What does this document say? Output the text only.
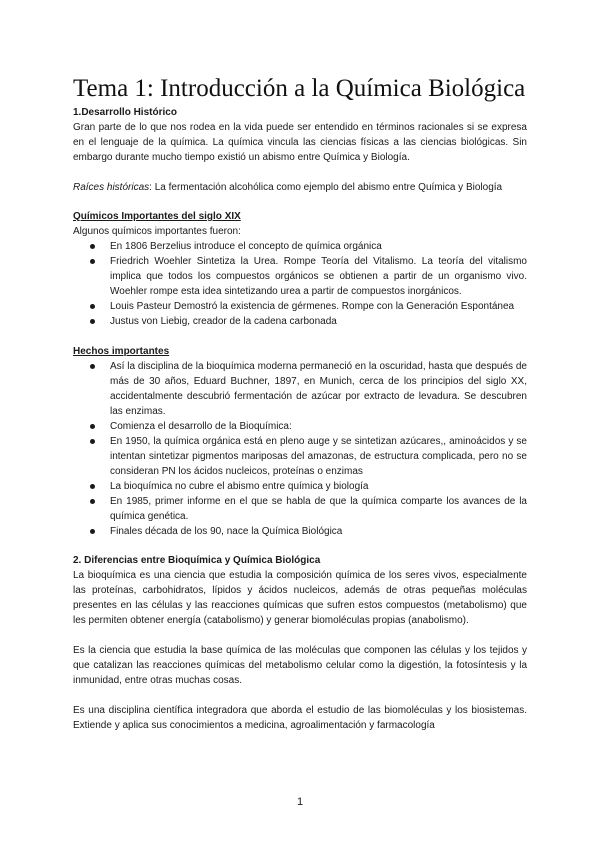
Tema 1: Introducción a la Química Biológica

1.Desarrollo Histórico

Gran parte de lo que nos rodea en la vida puede ser entendido en términos racionales si se expresa en el lenguaje de la química. La química vincula las ciencias físicas a las ciencias biológicas. Sin embargo durante mucho tiempo existió un abismo entre Química y Biología.

Raíces históricas: La fermentación alcohólica como ejemplo del abismo entre Química y Biología

Químicos Importantes del siglo XIX

Algunos químicos importantes fueron:

En 1806 Berzelius introduce el concepto de química orgánica
Friedrich Woehler Sintetiza la Urea. Rompe Teoría del Vitalismo. La teoría del vitalismo implica que todos los compuestos orgánicos se obtienen a partir de un organismo vivo. Woehler rompe esta idea sintetizando urea a partir de compuestos inorgánicos.
Louis Pasteur Demostró la existencia de gérmenes. Rompe con la Generación Espontánea
Justus von Liebig, creador de la cadena carbonada

Hechos importantes

Así la disciplina de la bioquímica moderna permaneció en la oscuridad, hasta que después de más de 30 años, Eduard Buchner, 1897, en Munich, cerca de los principios del siglo XX, accidentalmente descubrió fermentación de azúcar por extracto de levadura. Se descubren las enzimas.
Comienza el desarrollo de la Bioquímica:
En 1950, la química orgánica está en pleno auge y se sintetizan azúcares,, aminoácidos y se intentan sintetizar pigmentos mariposas del amazonas, de estructura complicada, pero no se consideran PN los ácidos nucleicos, proteínas o enzimas
La bioquímica no cubre el abismo entre química y biología
En 1985, primer informe en el que se habla de que la química comparte los avances de la química genética.
Finales década de los 90, nace la Química Biológica

2. Diferencias entre Bioquímica y Química Biológica

La bioquímica es una ciencia que estudia la composición química de los seres vivos, especialmente las proteínas, carbohidratos, lípidos y ácidos nucleicos, además de otras pequeñas moléculas presentes en las células y las reacciones químicas que sufren estos compuestos (metabolismo) que les permiten obtener energía (catabolismo) y generar biomoléculas propias (anabolismo).

Es la ciencia que estudia la base química de las moléculas que componen las células y los tejidos y que catalizan las reacciones químicas del metabolismo celular como la digestión, la fotosíntesis y la inmunidad, entre otras muchas cosas.

Es una disciplina científica integradora que aborda el estudio de las biomoléculas y los biosistemas. Extiende y aplica sus conocimientos a medicina, agroalimentación y farmacología

1
